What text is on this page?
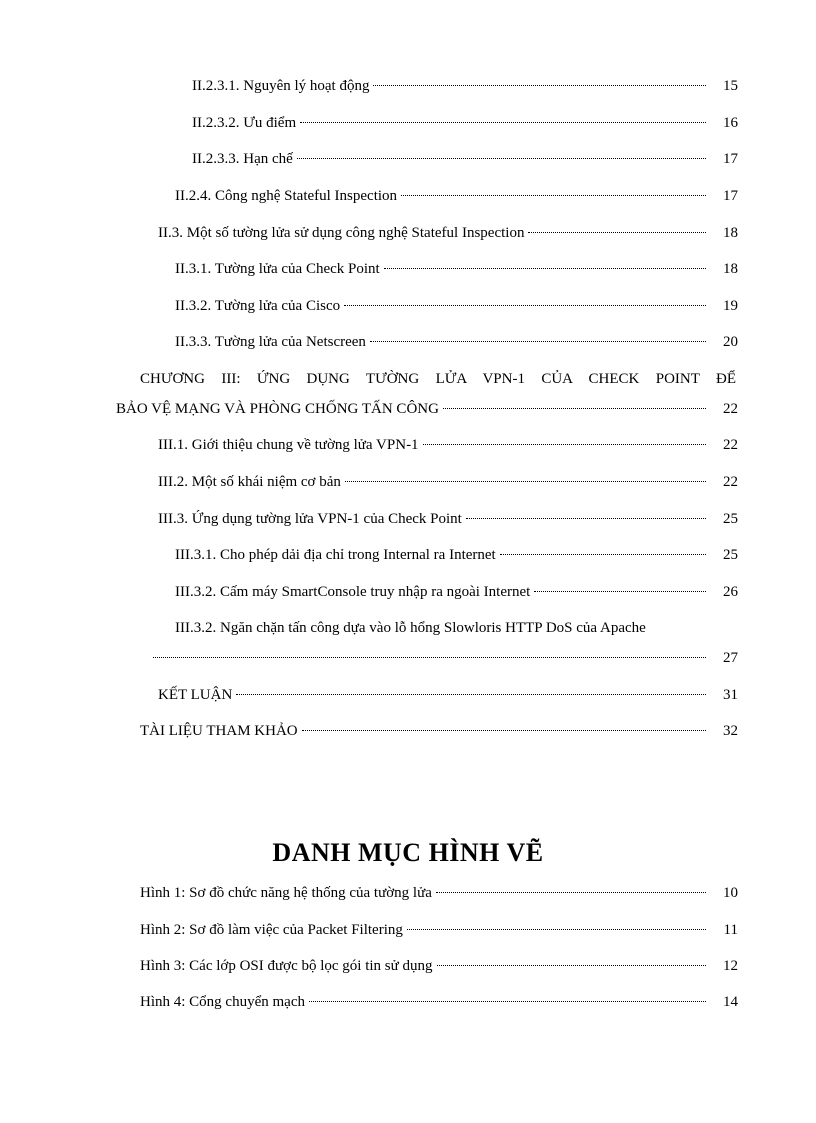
II.2.3.1. Nguyên lý hoạt động	15
II.2.3.2. Ưu điểm	16
II.2.3.3. Hạn chế	17
II.2.4. Công nghệ Stateful Inspection	17
II.3. Một số tường lửa sử dụng công nghệ Stateful Inspection	18
II.3.1. Tường lửa của Check Point	18
II.3.2. Tường lửa của Cisco	19
II.3.3. Tường lửa của Netscreen	20
CHƯƠNG III: ỨNG DỤNG TƯỜNG LỬA VPN-1 CỦA CHECK POINT ĐỂ
BẢO VỆ MẠNG VÀ PHÒNG CHỐNG TẤN CÔNG	22
III.1. Giới thiệu chung về tường lửa VPN-1	22
III.2. Một số khái niệm cơ bản	22
III.3. Ứng dụng tường lửa VPN-1 của Check Point	25
III.3.1. Cho phép dải địa chỉ trong Internal ra Internet	25
III.3.2. Cấm máy SmartConsole truy nhập ra ngoài Internet	26
III.3.2. Ngăn chặn tấn công dựa vào lỗ hổng Slowloris HTTP DoS của Apache
27
KẾT LUẬN	31
TÀI LIỆU THAM KHẢO	32
DANH MỤC HÌNH VẼ
Hình 1: Sơ đồ chức năng hệ thống của tường lửa	10
Hình 2: Sơ đồ làm việc của Packet Filtering	11
Hình 3: Các lớp OSI được bộ lọc gói tin sử dụng	12
Hình 4: Cổng chuyển mạch	14
